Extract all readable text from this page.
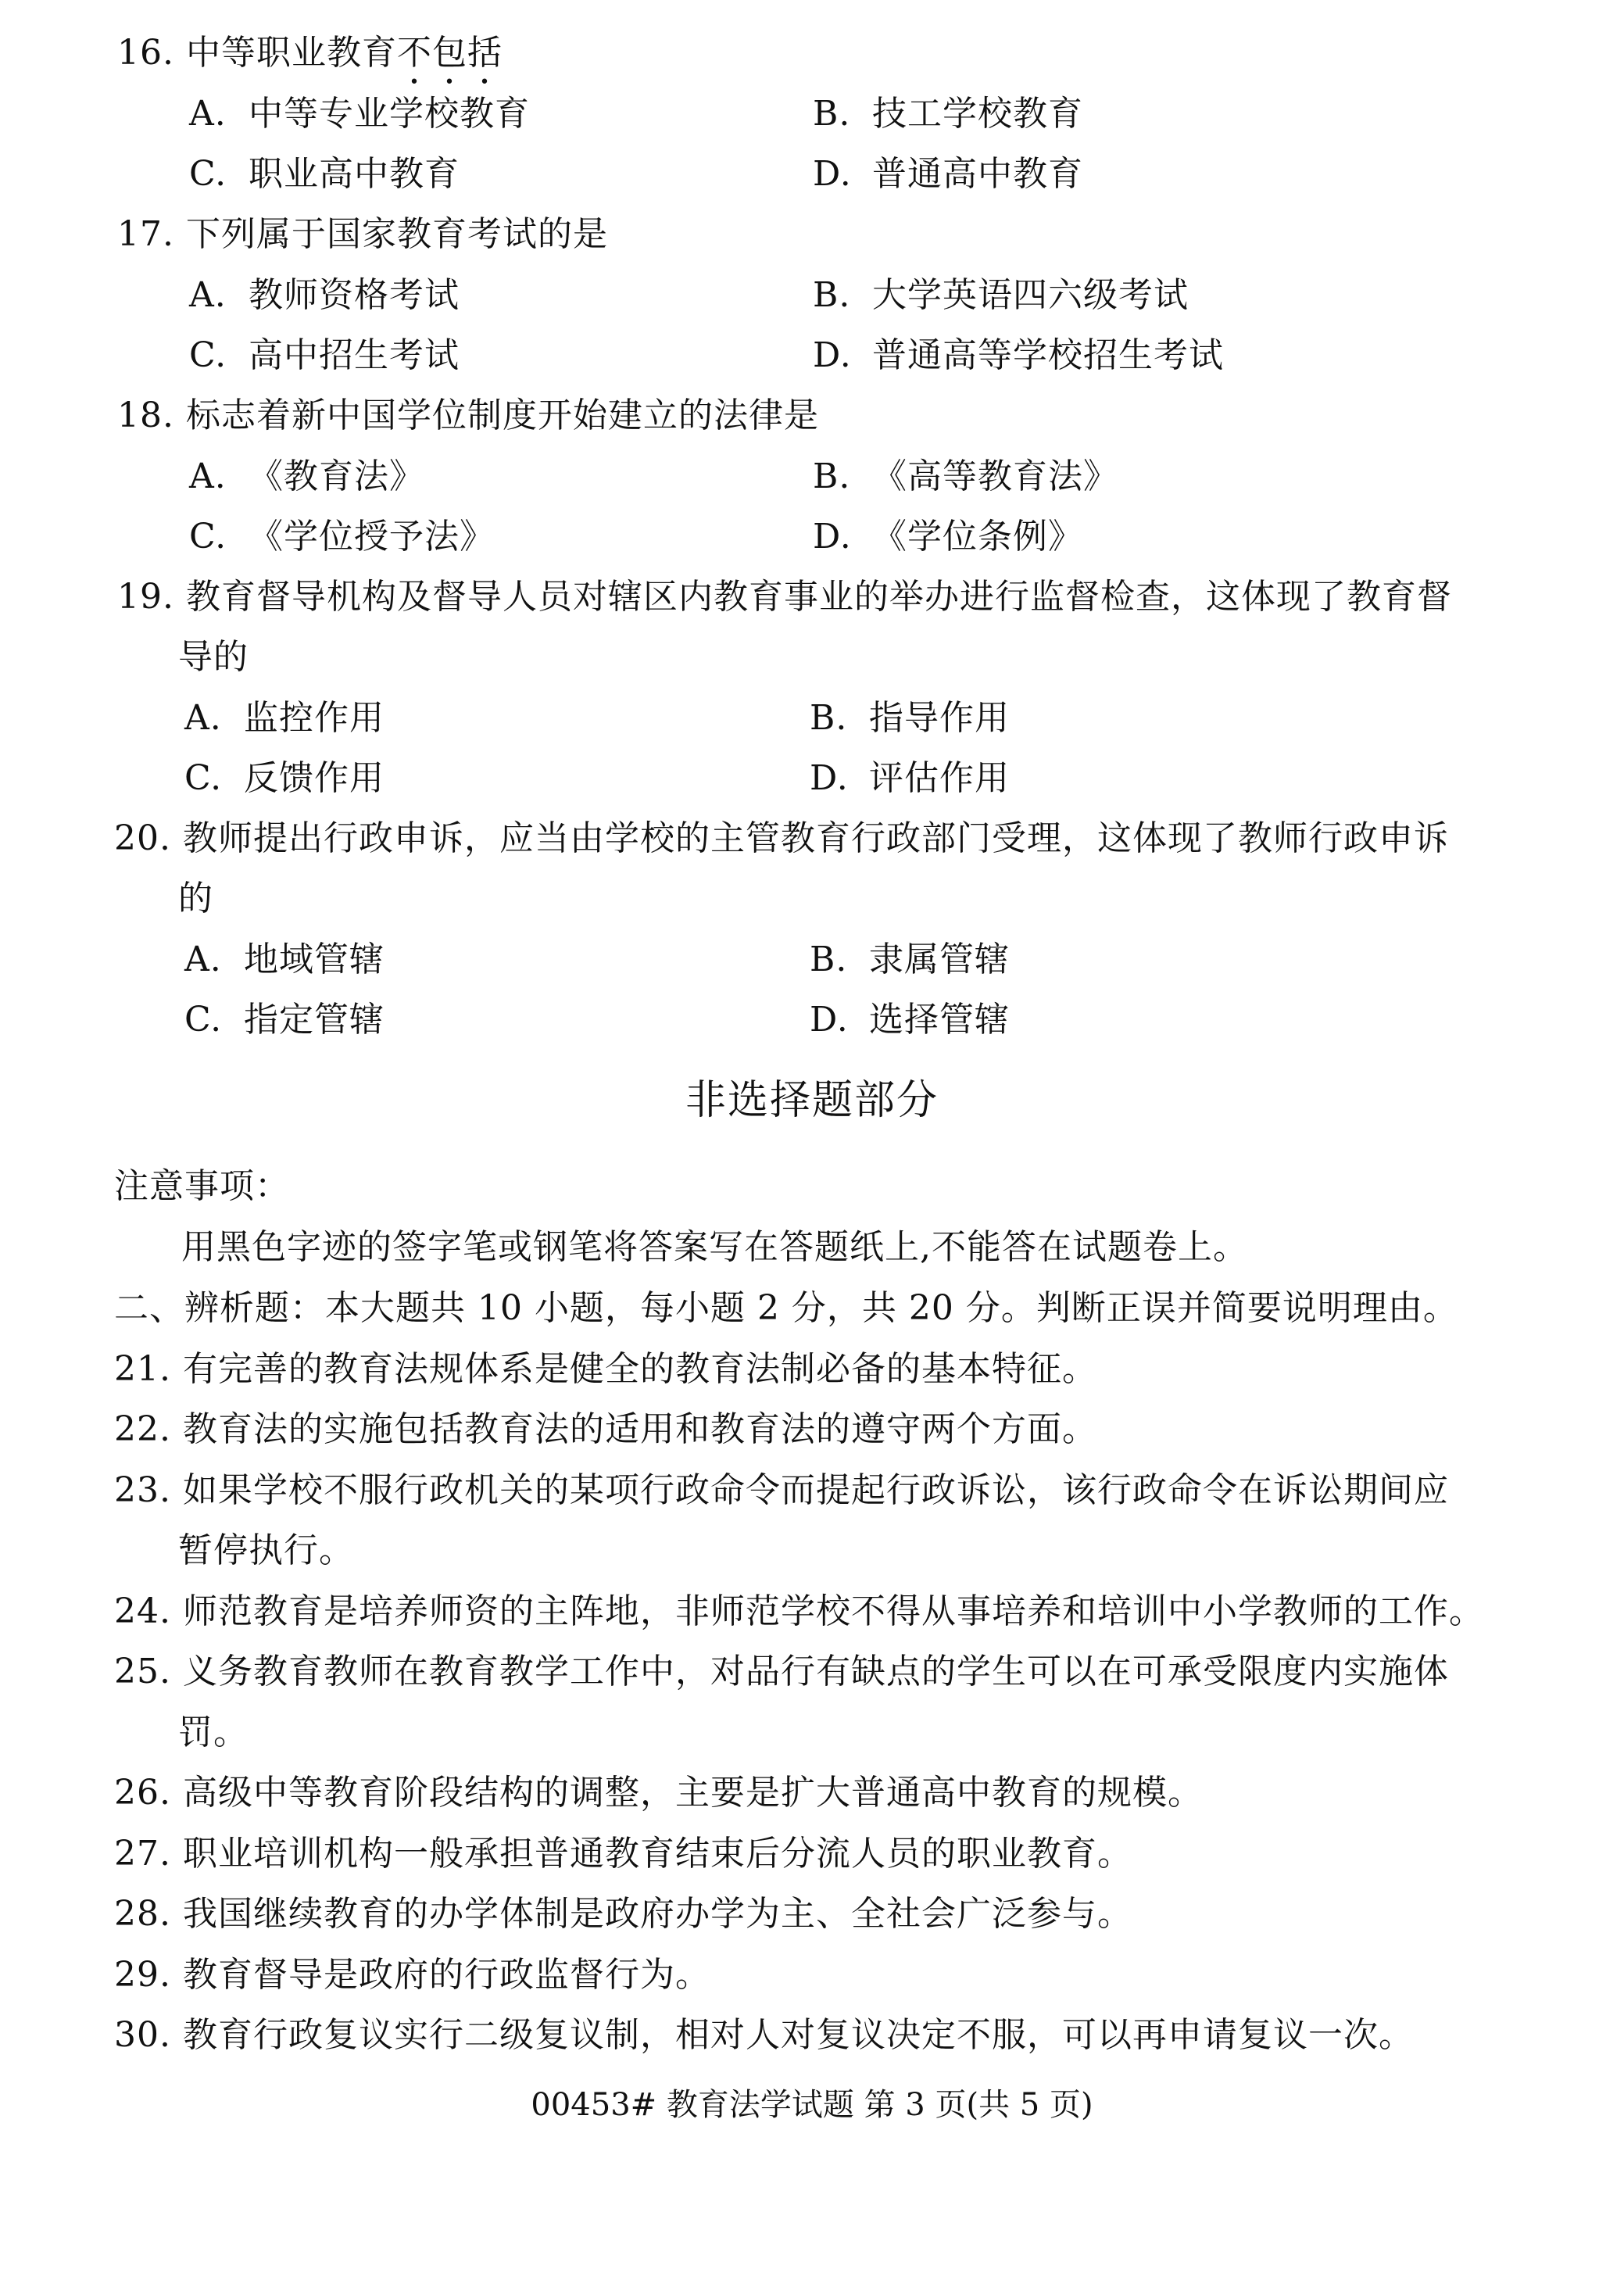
16. 中等职业教育不包括
A. 中等专业学校教育	B. 技工学校教育
C. 职业高中教育	D. 普通高中教育
17. 下列属于国家教育考试的是
A. 教师资格考试	B. 大学英语四六级考试
C. 高中招生考试	D. 普通高等学校招生考试
18. 标志着新中国学位制度开始建立的法律是
A. 《教育法》	B. 《高等教育法》
C. 《学位授予法》	D. 《学位条例》
19. 教育督导机构及督导人员对辖区内教育事业的举办进行监督检查，这体现了教育督
导的
A. 监控作用	B. 指导作用
C. 反馈作用	D. 评估作用
20. 教师提出行政申诉，应当由学校的主管教育行政部门受理，这体现了教师行政申诉
的
A. 地域管辖	B. 隶属管辖
C. 指定管辖	D. 选择管辖
非选择题部分
注意事项：
用黑色字迹的签字笔或钢笔将答案写在答题纸上,不能答在试题卷上。
二、辨析题：本大题共 10 小题，每小题 2 分，共 20 分。判断正误并简要说明理由。
21. 有完善的教育法规体系是健全的教育法制必备的基本特征。
22. 教育法的实施包括教育法的适用和教育法的遵守两个方面。
23. 如果学校不服行政机关的某项行政命令而提起行政诉讼，该行政命令在诉讼期间应
暂停执行。
24. 师范教育是培养师资的主阵地，非师范学校不得从事培养和培训中小学教师的工作。
25. 义务教育教师在教育教学工作中，对品行有缺点的学生可以在可承受限度内实施体
罚。
26. 高级中等教育阶段结构的调整，主要是扩大普通高中教育的规模。
27. 职业培训机构一般承担普通教育结束后分流人员的职业教育。
28. 我国继续教育的办学体制是政府办学为主、全社会广泛参与。
29. 教育督导是政府的行政监督行为。
30. 教育行政复议实行二级复议制，相对人对复议决定不服，可以再申请复议一次。
00453# 教育法学试题 第 3 页(共 5 页)
